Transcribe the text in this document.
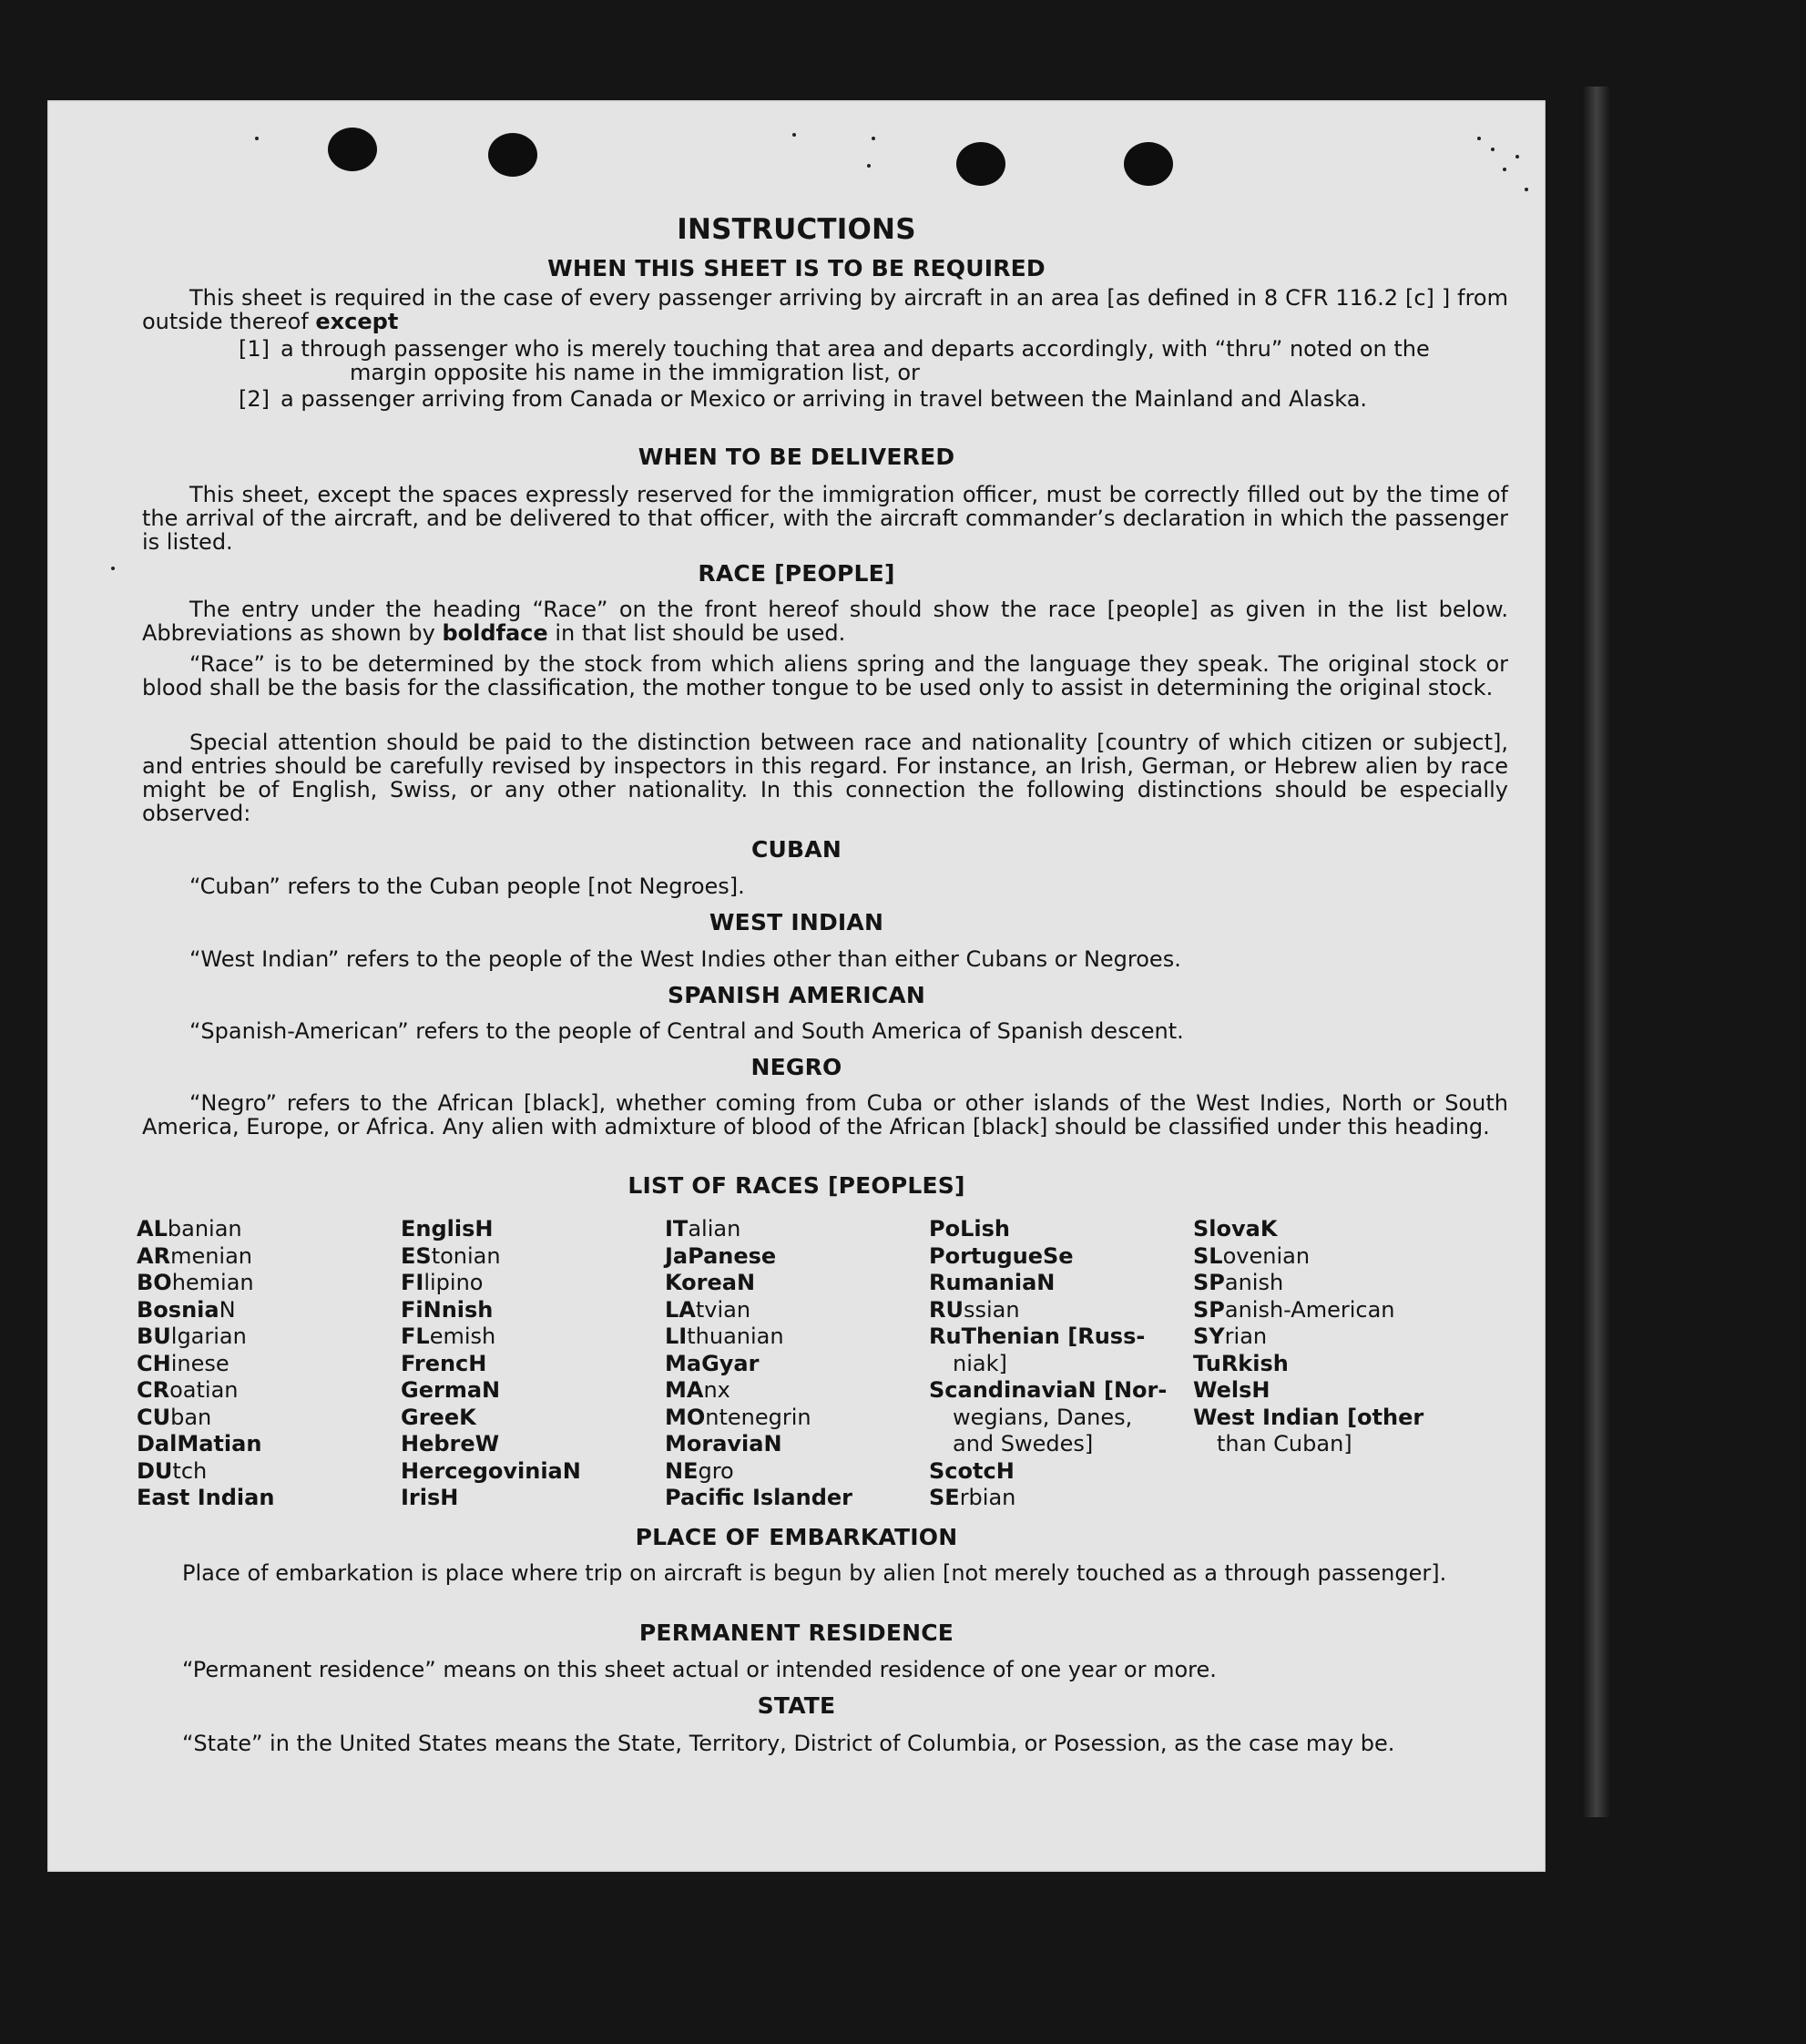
INSTRUCTIONS
WHEN THIS SHEET IS TO BE REQUIRED
This sheet is required in the case of every passenger arriving by aircraft in an area [as defined in 8 CFR 116.2 [c] ] from outside thereof except
[1] a through passenger who is merely touching that area and departs accordingly, with “thru” noted on the
margin opposite his name in the immigration list, or
[2] a passenger arriving from Canada or Mexico or arriving in travel between the Mainland and Alaska.
WHEN TO BE DELIVERED
This sheet, except the spaces expressly reserved for the immigration officer, must be correctly filled out by the time of the arrival of the aircraft, and be delivered to that officer, with the aircraft commander’s declaration in which the passenger is listed.
RACE [PEOPLE]
The entry under the heading “Race” on the front hereof should show the race [people] as given in the list below. Abbreviations as shown by boldface in that list should be used.
“Race” is to be determined by the stock from which aliens spring and the language they speak. The original stock or blood shall be the basis for the classification, the mother tongue to be used only to assist in determining the original stock.
Special attention should be paid to the distinction between race and nationality [country of which citizen or subject], and entries should be carefully revised by inspectors in this regard. For instance, an Irish, German, or Hebrew alien by race might be of English, Swiss, or any other nationality. In this connection the following distinctions should be especially observed:
CUBAN
“Cuban” refers to the Cuban people [not Negroes].
WEST INDIAN
“West Indian” refers to the people of the West Indies other than either Cubans or Negroes.
SPANISH AMERICAN
“Spanish-American” refers to the people of Central and South America of Spanish descent.
NEGRO
“Negro” refers to the African [black], whether coming from Cuba or other islands of the West Indies, North or South America, Europe, or Africa. Any alien with admixture of blood of the African [black] should be classified under this heading.
LIST OF RACES [PEOPLES]
ALbanian
ARmenian
BOhemian
BosniaN
BUlgarian
CHinese
CRoatian
CUban
DalMatian
DUtch
East Indian
EnglisH
EStonian
FIlipino
FiNnish
FLemish
FrencH
GermaN
GreeK
HebreW
HercegoviniaN
IrisH
ITalian
JaPanese
KoreaN
LAtvian
LIthuanian
MaGyar
MAnx
MOntenegrin
MoraviaN
NEgro
Pacific Islander
PoLish
PortugueSe
RumaniaN
RUssian
RuThenian [Russ-
niak]
ScandinaviaN [Nor-
wegians, Danes,
and Swedes]
ScotcH
SErbian
SlovaK
SLovenian
SPanish
SPanish-American
SYrian
TuRkish
WelsH
West Indian [other
than Cuban]
PLACE OF EMBARKATION
Place of embarkation is place where trip on aircraft is begun by alien [not merely touched as a through passenger].
PERMANENT RESIDENCE
“Permanent residence” means on this sheet actual or intended residence of one year or more.
STATE
“State” in the United States means the State, Territory, District of Columbia, or Posession, as the case may be.
